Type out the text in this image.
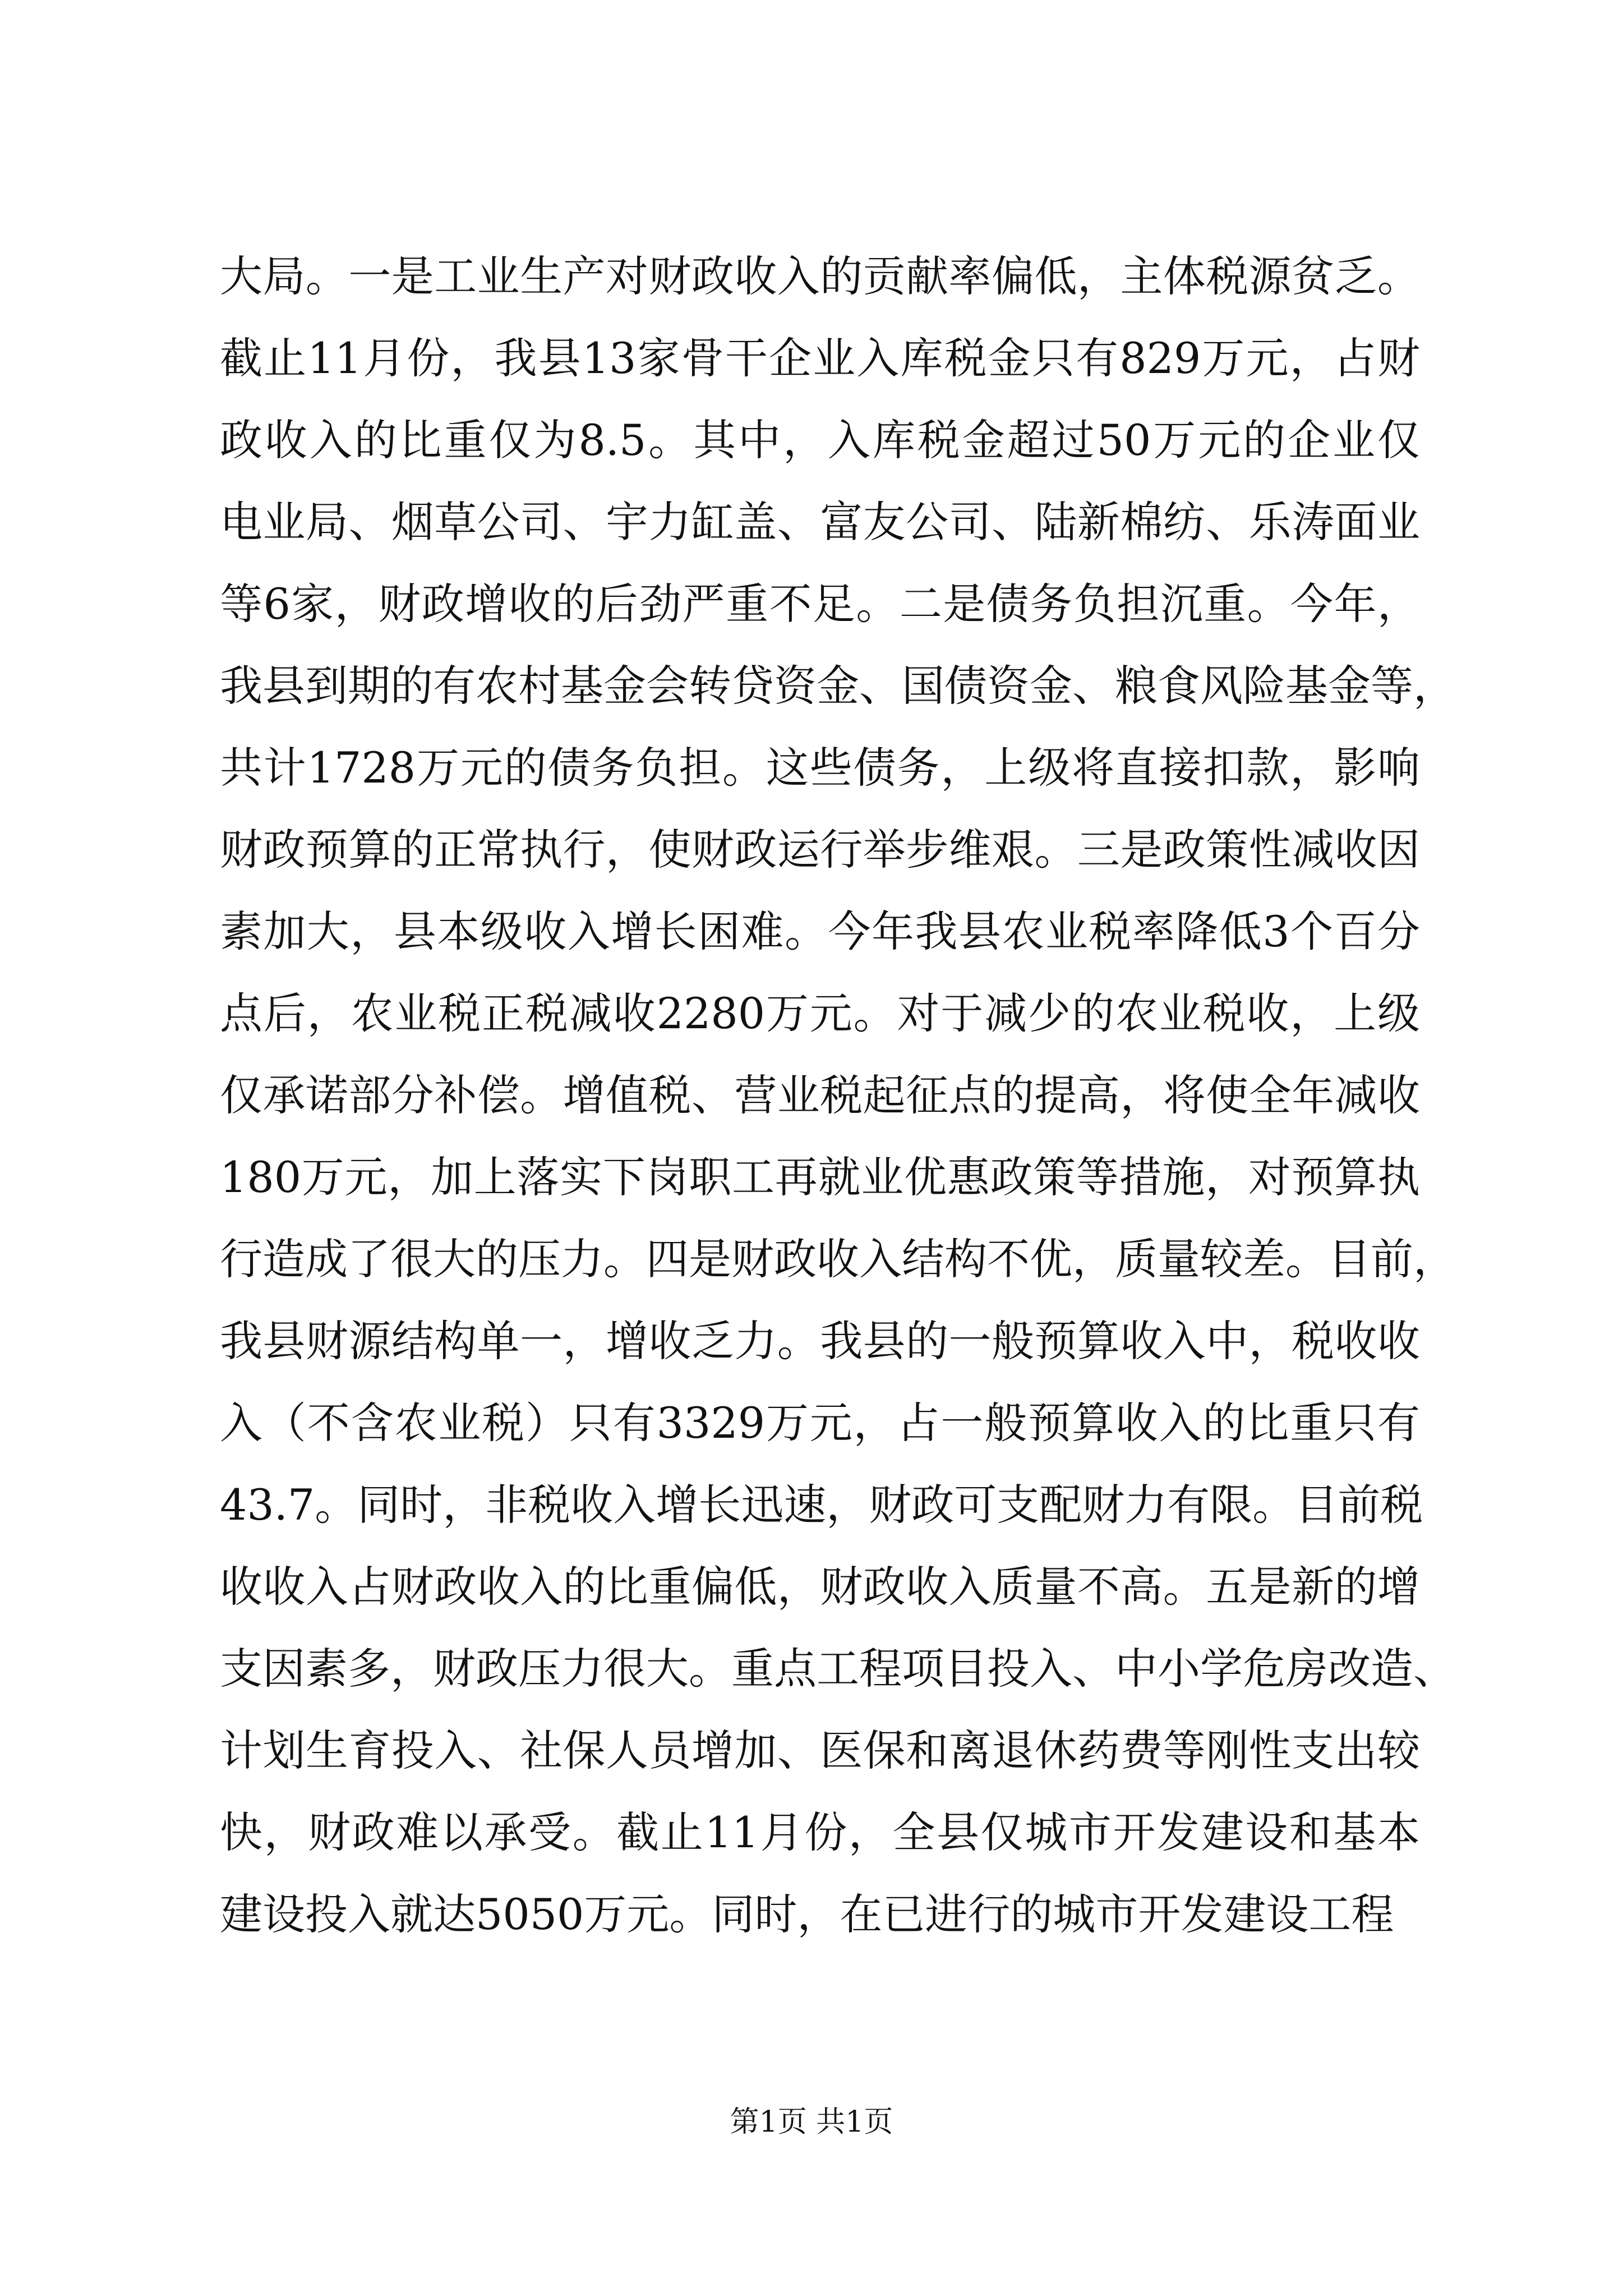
大局。一是工业生产对财政收入的贡献率偏低，主体税源贫乏。
截止11月份，我县13家骨干企业入库税金只有829万元，占财
政收入的比重仅为8.5。其中，入库税金超过50万元的企业仅
电业局、烟草公司、宇力缸盖、富友公司、陆新棉纺、乐涛面业
等6家，财政增收的后劲严重不足。二是债务负担沉重。今年，
我县到期的有农村基金会转贷资金、国债资金、粮食风险基金等，
共计1728万元的债务负担。这些债务，上级将直接扣款，影响
财政预算的正常执行，使财政运行举步维艰。三是政策性减收因
素加大，县本级收入增长困难。今年我县农业税率降低3个百分
点后，农业税正税减收2280万元。对于减少的农业税收，上级
仅承诺部分补偿。增值税、营业税起征点的提高，将使全年减收
180万元，加上落实下岗职工再就业优惠政策等措施，对预算执
行造成了很大的压力。四是财政收入结构不优，质量较差。目前，
我县财源结构单一，增收乏力。我县的一般预算收入中，税收收
入（不含农业税）只有3329万元，占一般预算收入的比重只有
43.7。同时，非税收入增长迅速，财政可支配财力有限。目前税
收收入占财政收入的比重偏低，财政收入质量不高。五是新的增
支因素多，财政压力很大。重点工程项目投入、中小学危房改造、
计划生育投入、社保人员增加、医保和离退休药费等刚性支出较
快，财政难以承受。截止11月份，全县仅城市开发建设和基本
建设投入就达5050万元。同时，在已进行的城市开发建设工程
第1页 共1页
